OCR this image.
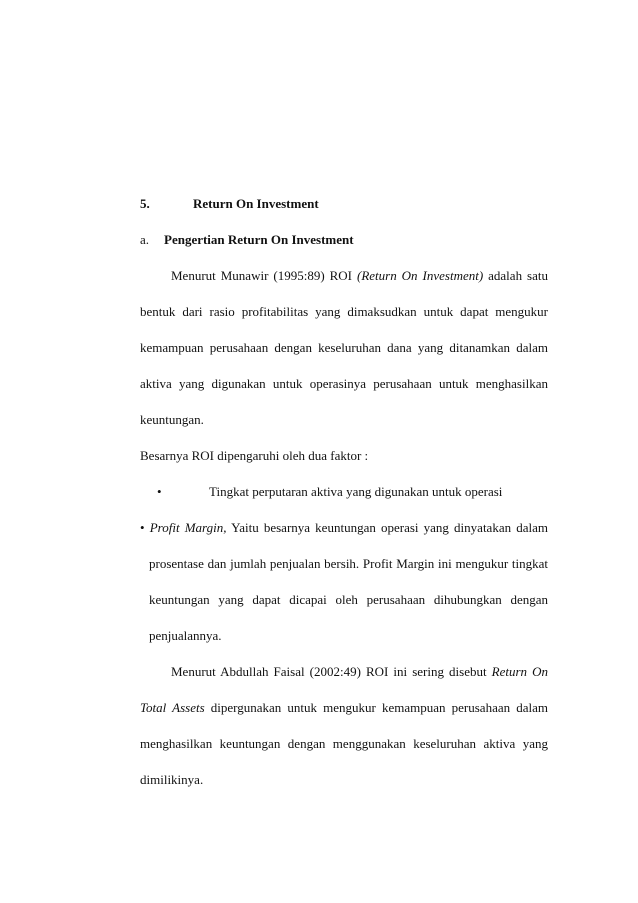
5.	Return On Investment
a. Pengertian Return On Investment
Menurut Munawir (1995:89) ROI (Return On Investment) adalah satu
bentuk dari rasio profitabilitas yang dimaksudkan untuk dapat mengukur
kemampuan perusahaan dengan keseluruhan dana yang ditanamkan dalam
aktiva yang digunakan untuk operasinya perusahaan untuk menghasilkan
keuntungan.
Besarnya ROI dipengaruhi oleh dua faktor :
•	Tingkat perputaran aktiva yang digunakan untuk operasi
• Profit Margin, Yaitu besarnya keuntungan operasi yang dinyatakan dalam
prosentase dan jumlah penjualan bersih. Profit Margin ini mengukur tingkat
keuntungan yang dapat dicapai oleh perusahaan dihubungkan dengan
penjualannya.
Menurut Abdullah Faisal (2002:49) ROI ini sering disebut Return On
Total Assets dipergunakan untuk mengukur kemampuan perusahaan dalam
menghasilkan keuntungan dengan menggunakan keseluruhan aktiva yang
dimilikinya.
